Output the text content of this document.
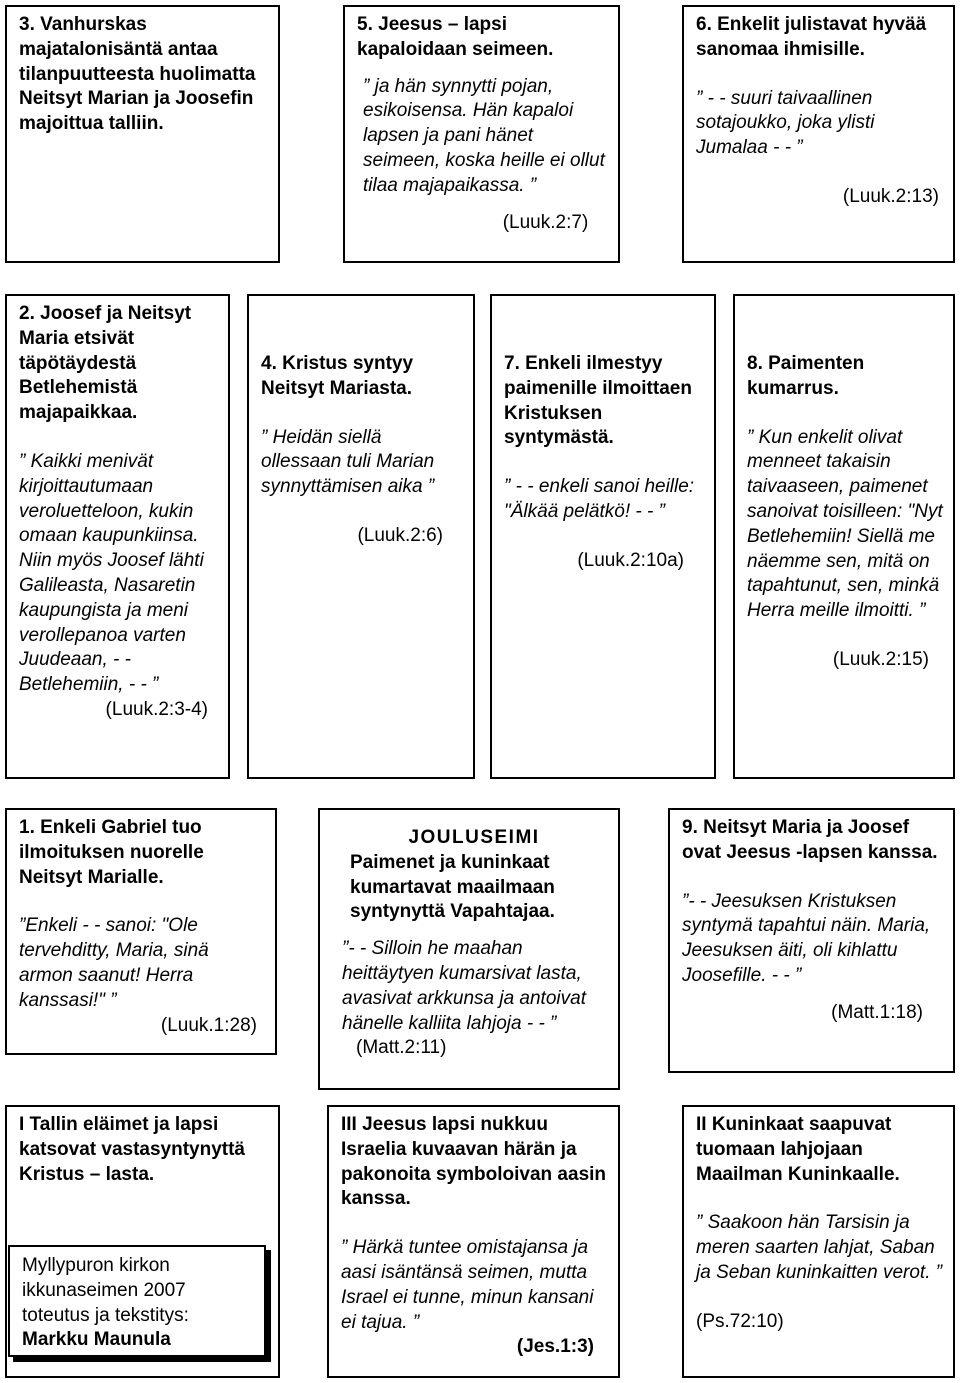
3. Vanhurskas majatalonisäntä antaa tilanpuutteesta huolimatta Neitsyt Marian ja Joosefin majoittua talliin.
5. Jeesus – lapsi kapaloidaan seimeen.
” ja hän synnytti pojan, esikoisensa. Hän kapaloi lapsen ja pani hänet seimeen, koska heille ei ollut tilaa majapaikassa. ”
(Luuk.2:7)
6. Enkelit julistavat hyvää sanomaa ihmisille.
” - - suuri taivaallinen sotajoukko, joka ylisti Jumalaa - - ”
(Luuk.2:13)
2. Joosef ja Neitsyt Maria etsivät täpötäydestä Betlehemistä majapaikkaa.
” Kaikki menivät kirjoittautumaan veroluetteloon, kukin omaan kaupunkiinsa. Niin myös Joosef lähti Galileasta, Nasaretin kaupungista ja meni verollepanoa varten Juudeaan, - - Betlehemiin, - - ”
(Luuk.2:3-4)
4. Kristus syntyy Neitsyt Mariasta.
” Heidän siellä ollessaan tuli Marian synnyttämisen aika ”
(Luuk.2:6)
7. Enkeli ilmestyy paimenille ilmoittaen Kristuksen syntymästä.
” - - enkeli sanoi heille: "Älkää pelätkö! - - ”
(Luuk.2:10a)
8. Paimenten kumarrus.
” Kun enkelit olivat menneet takaisin taivaaseen, paimenet sanoivat toisilleen: "Nyt Betlehemiin! Siellä me näemme sen, mitä on tapahtunut, sen, minkä Herra meille ilmoitti. ”
(Luuk.2:15)
1. Enkeli Gabriel tuo ilmoituksen nuorelle Neitsyt Marialle.
”Enkeli - - sanoi: "Ole tervehditty, Maria, sinä armon saanut! Herra kanssasi!" ”
(Luuk.1:28)
JOULUSEIMI
Paimenet ja kuninkaat kumartavat maailmaan syntynyttä Vapahtajaa.
”- - Silloin he maahan heittäytyen kumarsivat lasta, avasivat arkkunsa ja antoivat hänelle kalliita lahjoja - - ” (Matt.2:11)
9. Neitsyt Maria ja Joosef ovat Jeesus -lapsen kanssa.
”- - Jeesuksen Kristuksen syntymä tapahtui näin. Maria, Jeesuksen äiti, oli kihlattu Joosefille. - - ”
(Matt.1:18)
I Tallin eläimet ja lapsi katsovat vastasyntynyttä Kristus – lasta.
Myllypuron kirkon
ikkunaseimen 2007
toteutus ja tekstitys:
Markku Maunula
III Jeesus lapsi nukkuu Israelia kuvaavan härän ja pakonoita symboloivan aasin kanssa.
” Härkä tuntee omistajansa ja aasi isäntänsä seimen, mutta Israel ei tunne, minun kansani ei tajua. ”
(Jes.1:3)
II Kuninkaat saapuvat tuomaan lahjojaan Maailman Kuninkaalle.
” Saakoon hän Tarsisin ja meren saarten lahjat, Saban ja Seban kuninkaitten verot. ”
(Ps.72:10)
